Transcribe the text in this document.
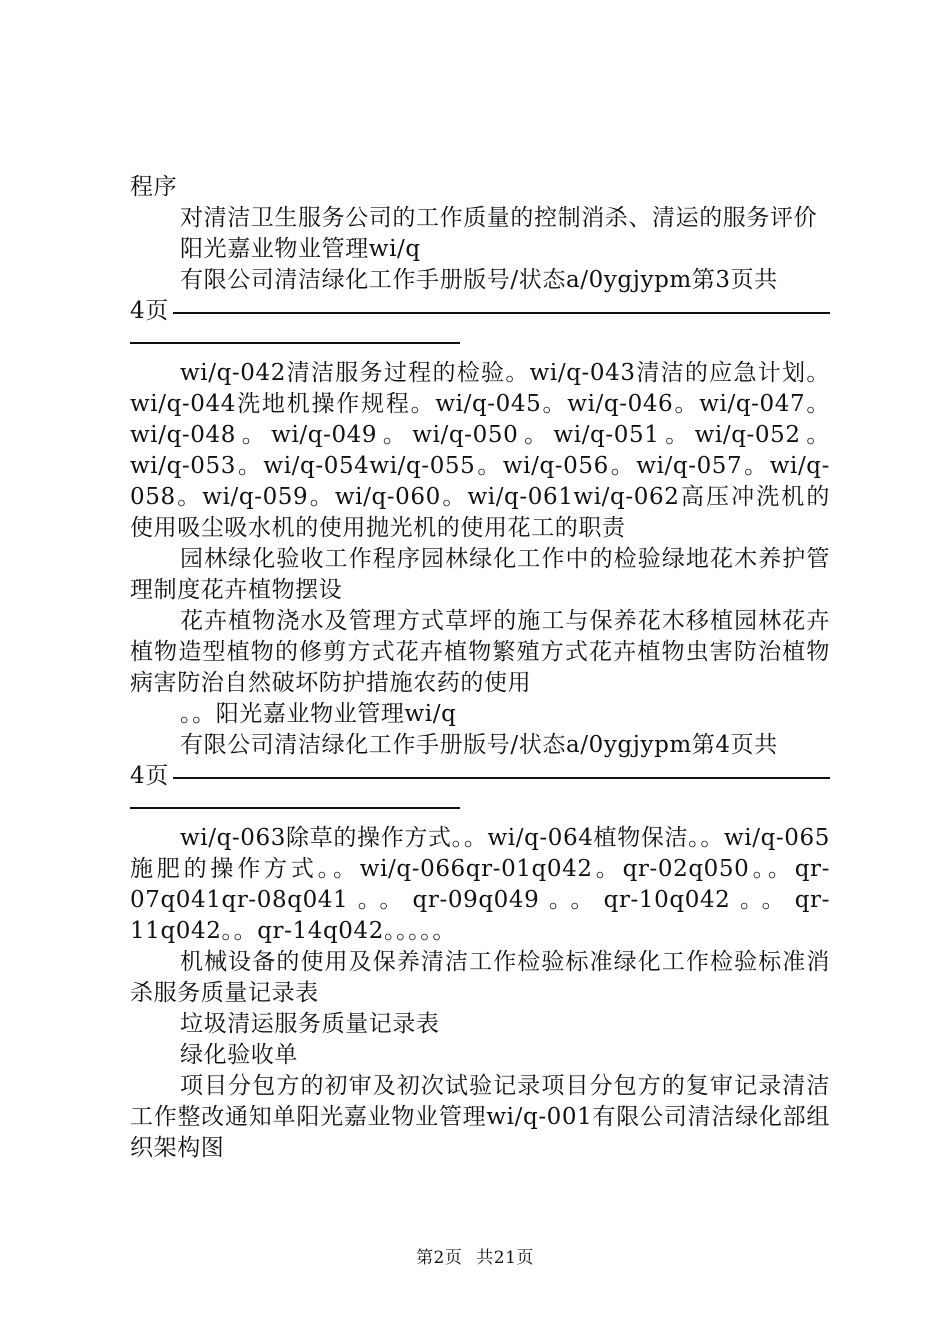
程序

对清洁卫生服务公司的工作质量的控制消杀、清运的服务评价

阳光嘉业物业管理wi/q

有限公司清洁绿化工作手册版号/状态a/0ygjypm第3页共

4页

wi/q-042清洁服务过程的检验。wi/q-043清洁的应急计划。wi/q-044洗地机操作规程。wi/q-045。wi/q-046。wi/q-047。wi/q-048。wi/q-049。wi/q-050。wi/q-051。wi/q-052。wi/q-053。wi/q-054wi/q-055。wi/q-056。wi/q-057。wi/q-058。wi/q-059。wi/q-060。wi/q-061wi/q-062高压冲洗机的使用吸尘吸水机的使用抛光机的使用花工的职责

园林绿化验收工作程序园林绿化工作中的检验绿地花木养护管理制度花卉植物摆设

花卉植物浇水及管理方式草坪的施工与保养花木移植园林花卉植物造型植物的修剪方式花卉植物繁殖方式花卉植物虫害防治植物病害防治自然破坏防护措施农药的使用

。。阳光嘉业物业管理wi/q

有限公司清洁绿化工作手册版号/状态a/0ygjypm第4页共

4页

wi/q-063除草的操作方式。。wi/q-064植物保洁。。wi/q-065施肥的操作方式。。wi/q-066qr-01q042。qr-02q050。。qr-07q041qr-08q041。。qr-09q049。。qr-10q042。。qr-11q042。。qr-14q042。。。。。

机械设备的使用及保养清洁工作检验标准绿化工作检验标准消杀服务质量记录表

垃圾清运服务质量记录表

绿化验收单

项目分包方的初审及初次试验记录项目分包方的复审记录清洁工作整改通知单阳光嘉业物业管理wi/q-001有限公司清洁绿化部组织架构图

第2页 共21页
